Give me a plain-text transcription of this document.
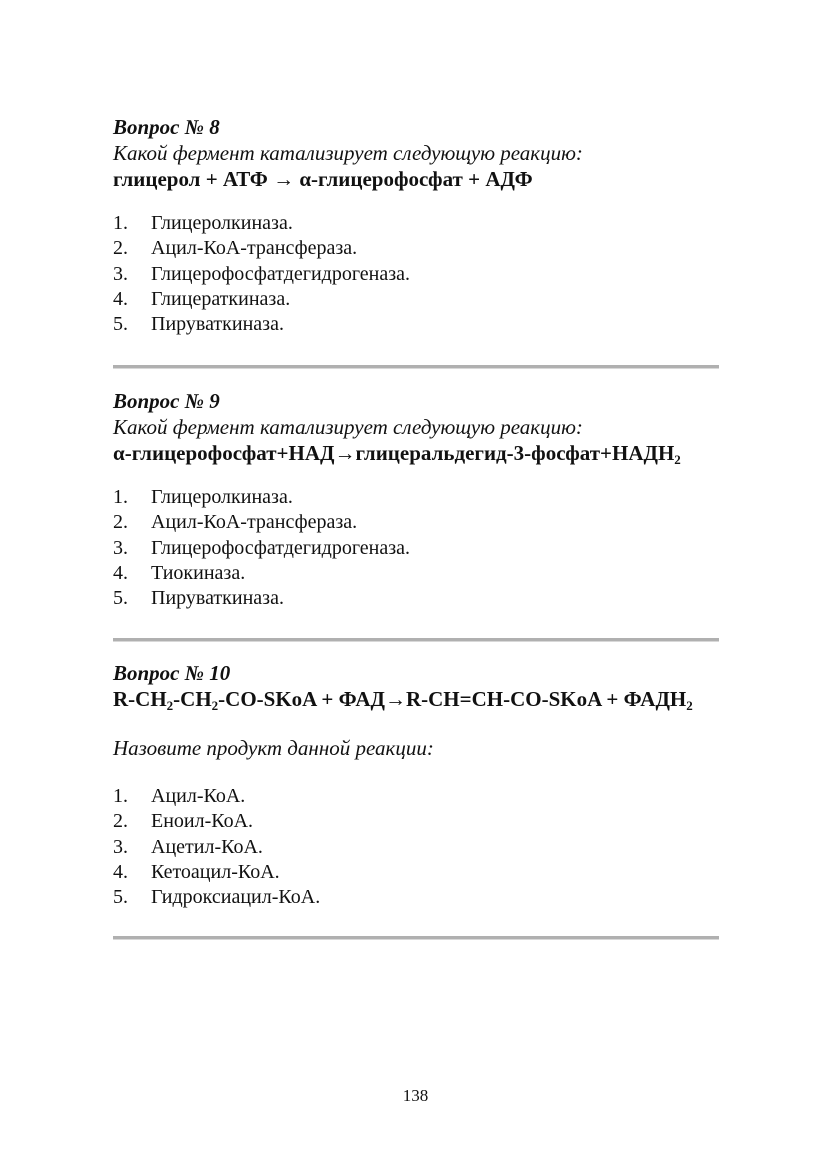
Вопрос № 8
Какой фермент катализирует следующую реакцию:
глицерол + АТФ → α-глицерофосфат + АДФ
1. Глицеролкиназа.
2. Ацил-КоА-трансфераза.
3. Глицерофосфатдегидрогеназа.
4. Глицераткиназа.
5. Пируваткиназа.
Вопрос № 9
Какой фермент катализирует следующую реакцию:
$\alpha-глицерофосфат+НАД\to глицеральдегид-3-фосфат+НАДН_2$
1. Глицеролкиназа.
2. Ацил-КоА-трансфераза.
3. Глицерофосфатдегидрогеназа.
4. Тиокиназа.
5. Пируваткиназа.
Вопрос № 10
$R-CH_2-CH_2-CO$-SKoA + ФАД→R-CH=CH-CO-SKoA + $ФАДН_2$
Назовите продукт данной реакции:
1. Ацил-КоА.
2. Еноил-КоА.
3. Ацетил-КоА.
4. Кетоацил-КоА.
5. Гидроксиацил-КоА.
138
